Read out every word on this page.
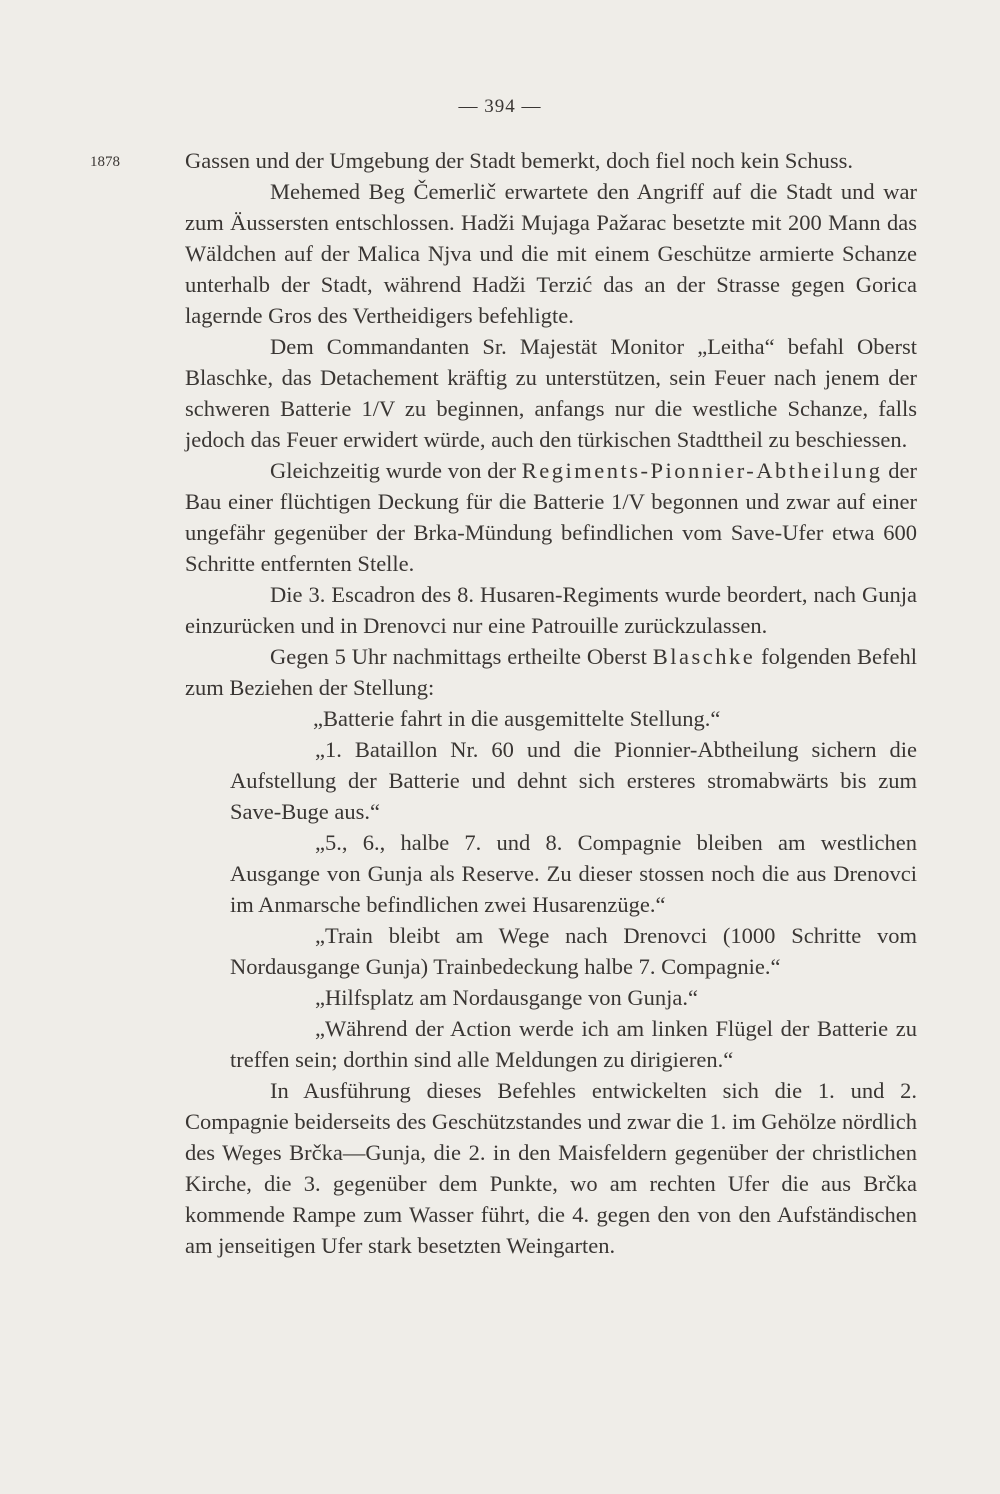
— 394 —
1878	Gassen und der Umgebung der Stadt bemerkt, doch fiel noch kein Schuss.

Mehemed Beg Čemerlič erwartete den Angriff auf die Stadt und war zum Äussersten entschlossen. Hadži Mujaga Pažarac besetzte mit 200 Mann das Wäldchen auf der Malica Njva und die mit einem Geschütze armierte Schanze unterhalb der Stadt, während Hadži Terzić das an der Strasse gegen Gorica lagernde Gros des Vertheidigers befehligte.

Dem Commandanten Sr. Majestät Monitor „Leitha“ befahl Oberst Blaschke, das Detachement kräftig zu unterstützen, sein Feuer nach jenem der schweren Batterie 1/V zu beginnen, anfangs nur die westliche Schanze, falls jedoch das Feuer erwidert würde, auch den türkischen Stadttheil zu beschiessen.

Gleichzeitig wurde von der Regiments-Pionnier-Abtheilung der Bau einer flüchtigen Deckung für die Batterie 1/V begonnen und zwar auf einer ungefähr gegenüber der Brka-Mündung befindlichen vom Save-Ufer etwa 600 Schritte entfernten Stelle.

Die 3. Escadron des 8. Husaren-Regiments wurde beordert, nach Gunja einzurücken und in Drenovci nur eine Patrouille zurückzulassen.

Gegen 5 Uhr nachmittags ertheilte Oberst Blaschke folgenden Befehl zum Beziehen der Stellung:

„Batterie fahrt in die ausgemittelte Stellung.“

„1. Bataillon Nr. 60 und die Pionnier-Abtheilung sichern die Aufstellung der Batterie und dehnt sich ersteres stromabwärts bis zum Save-Buge aus.“

„5., 6., halbe 7. und 8. Compagnie bleiben am westlichen Ausgange von Gunja als Reserve. Zu dieser stossen noch die aus Drenovci im Anmarsche befindlichen zwei Husarenzüge.“

„Train bleibt am Wege nach Drenovci (1000 Schritte vom Nordausgange Gunja) Trainbedeckung halbe 7. Compagnie.“

„Hilfsplatz am Nordausgange von Gunja.“

„Während der Action werde ich am linken Flügel der Batterie zu treffen sein; dorthin sind alle Meldungen zu dirigieren.“

In Ausführung dieses Befehles entwickelten sich die 1. und 2. Compagnie beiderseits des Geschützstandes und zwar die 1. im Gehölze nördlich des Weges Brčka—Gunja, die 2. in den Maisfeldern gegenüber der christlichen Kirche, die 3. gegenüber dem Punkte, wo am rechten Ufer die aus Brčka kommende Rampe zum Wasser führt, die 4. gegen den von den Aufständischen am jenseitigen Ufer stark besetzten Weingarten.
